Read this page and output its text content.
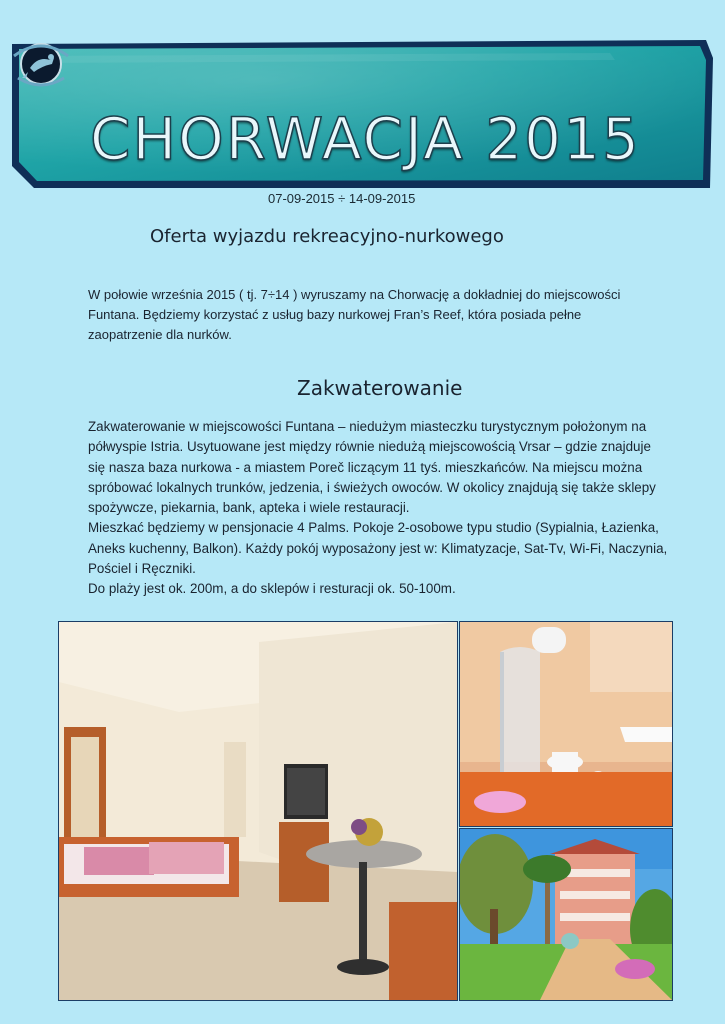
CHORWACJA 2015
07-09-2015 ÷ 14-09-2015
Oferta wyjazdu rekreacyjno-nurkowego

W połowie września 2015 ( tj. 7÷14 ) wyruszamy na Chorwację a dokładniej do miejscowości Funtana. Będziemy korzystać z usług bazy nurkowej Fran’s Reef, która posiada pełne zaopatrzenie dla nurków.

Zakwaterowanie

Zakwaterowanie w miejscowości Funtana – niedużym miasteczku turystycznym położonym na półwyspie Istria. Usytuowane jest między równie niedużą miejscowością Vrsar – gdzie znajduje się nasza baza nurkowa - a miastem Poreč liczącym 11 tyś. mieszkańców. Na miejscu można spróbować lokalnych trunków, jedzenia, i świeżych owoców. W okolicy znajdują się także sklepy spożywcze, piekarnia, bank, apteka i wiele restauracji.

Mieszkać będziemy w pensjonacie 4 Palms. Pokoje 2-osobowe typu studio (Sypialnia, Łazienka, Aneks kuchenny, Balkon). Każdy pokój wyposażony jest w: Klimatyzacje, Sat-Tv, Wi-Fi, Naczynia, Pościel i Ręczniki.

Do plaży jest ok. 200m, a do sklepów i resturacji ok. 50-100m.
